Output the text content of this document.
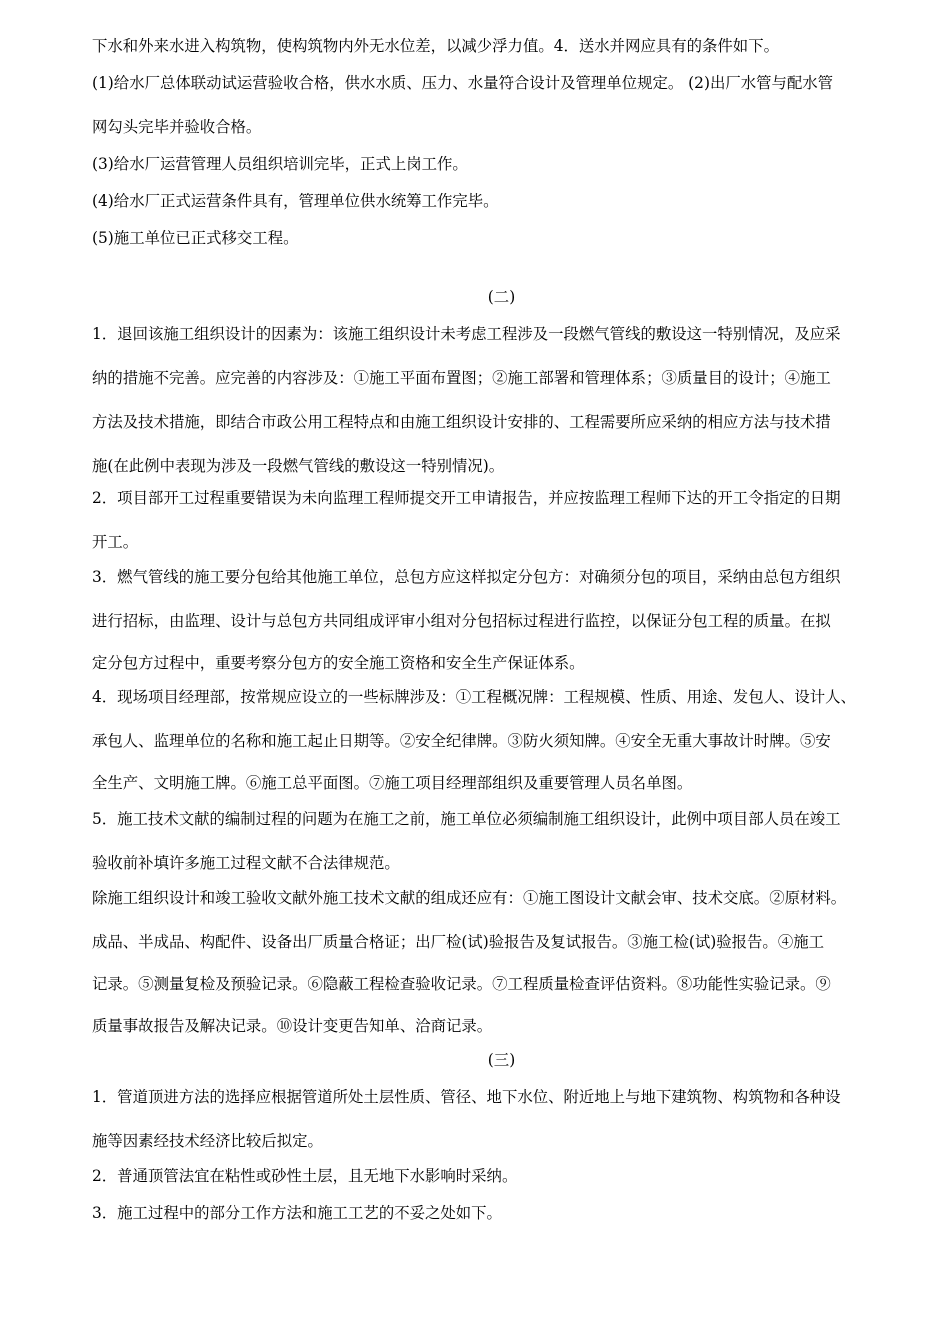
下水和外来水进入构筑物，使构筑物内外无水位差，以减少浮力值。4．送水并网应具有的条件如下。
(1)给水厂总体联动试运营验收合格，供水水质、压力、水量符合设计及管理单位规定。 (2)出厂水管与配水管
网勾头完毕并验收合格。
(3)给水厂运营管理人员组织培训完毕，正式上岗工作。
(4)给水厂正式运营条件具有，管理单位供水统筹工作完毕。
(5)施工单位已正式移交工程。
(二)
1．退回该施工组织设计的因素为：该施工组织设计未考虑工程涉及一段燃气管线的敷设这一特别情况，及应采
纳的措施不完善。应完善的内容涉及：①施工平面布置图；②施工部署和管理体系；③质量目的设计；④施工
方法及技术措施，即结合市政公用工程特点和由施工组织设计安排的、工程需要所应采纳的相应方法与技术措
施(在此例中表现为涉及一段燃气管线的敷设这一特别情况)。
2．项目部开工过程重要错误为未向监理工程师提交开工申请报告，并应按监理工程师下达的开工令指定的日期
开工。
3．燃气管线的施工要分包给其他施工单位，总包方应这样拟定分包方：对确须分包的项目，采纳由总包方组织
进行招标，由监理、设计与总包方共同组成评审小组对分包招标过程进行监控，以保证分包工程的质量。在拟
定分包方过程中，重要考察分包方的安全施工资格和安全生产保证体系。
4．现场项目经理部，按常规应设立的一些标牌涉及：①工程概况牌：工程规模、性质、用途、发包人、设计人、
承包人、监理单位的名称和施工起止日期等。②安全纪律牌。③防火须知牌。④安全无重大事故计时牌。⑤安
全生产、文明施工牌。⑥施工总平面图。⑦施工项目经理部组织及重要管理人员名单图。
5．施工技术文献的编制过程的问题为在施工之前，施工单位必须编制施工组织设计，此例中项目部人员在竣工
验收前补填许多施工过程文献不合法律规范。
除施工组织设计和竣工验收文献外施工技术文献的组成还应有：①施工图设计文献会审、技术交底。②原材料。
成品、半成品、构配件、设备出厂质量合格证；出厂检(试)验报告及复试报告。③施工检(试)验报告。④施工
记录。⑤测量复检及预验记录。⑥隐蔽工程检查验收记录。⑦工程质量检查评估资料。⑧功能性实验记录。⑨
质量事故报告及解决记录。⑩设计变更告知单、洽商记录。
(三)
1．管道顶进方法的选择应根据管道所处土层性质、管径、地下水位、附近地上与地下建筑物、构筑物和各种设
施等因素经技术经济比较后拟定。
2．普通顶管法宜在粘性或砂性土层，且无地下水影响时采纳。
3．施工过程中的部分工作方法和施工工艺的不妥之处如下。
